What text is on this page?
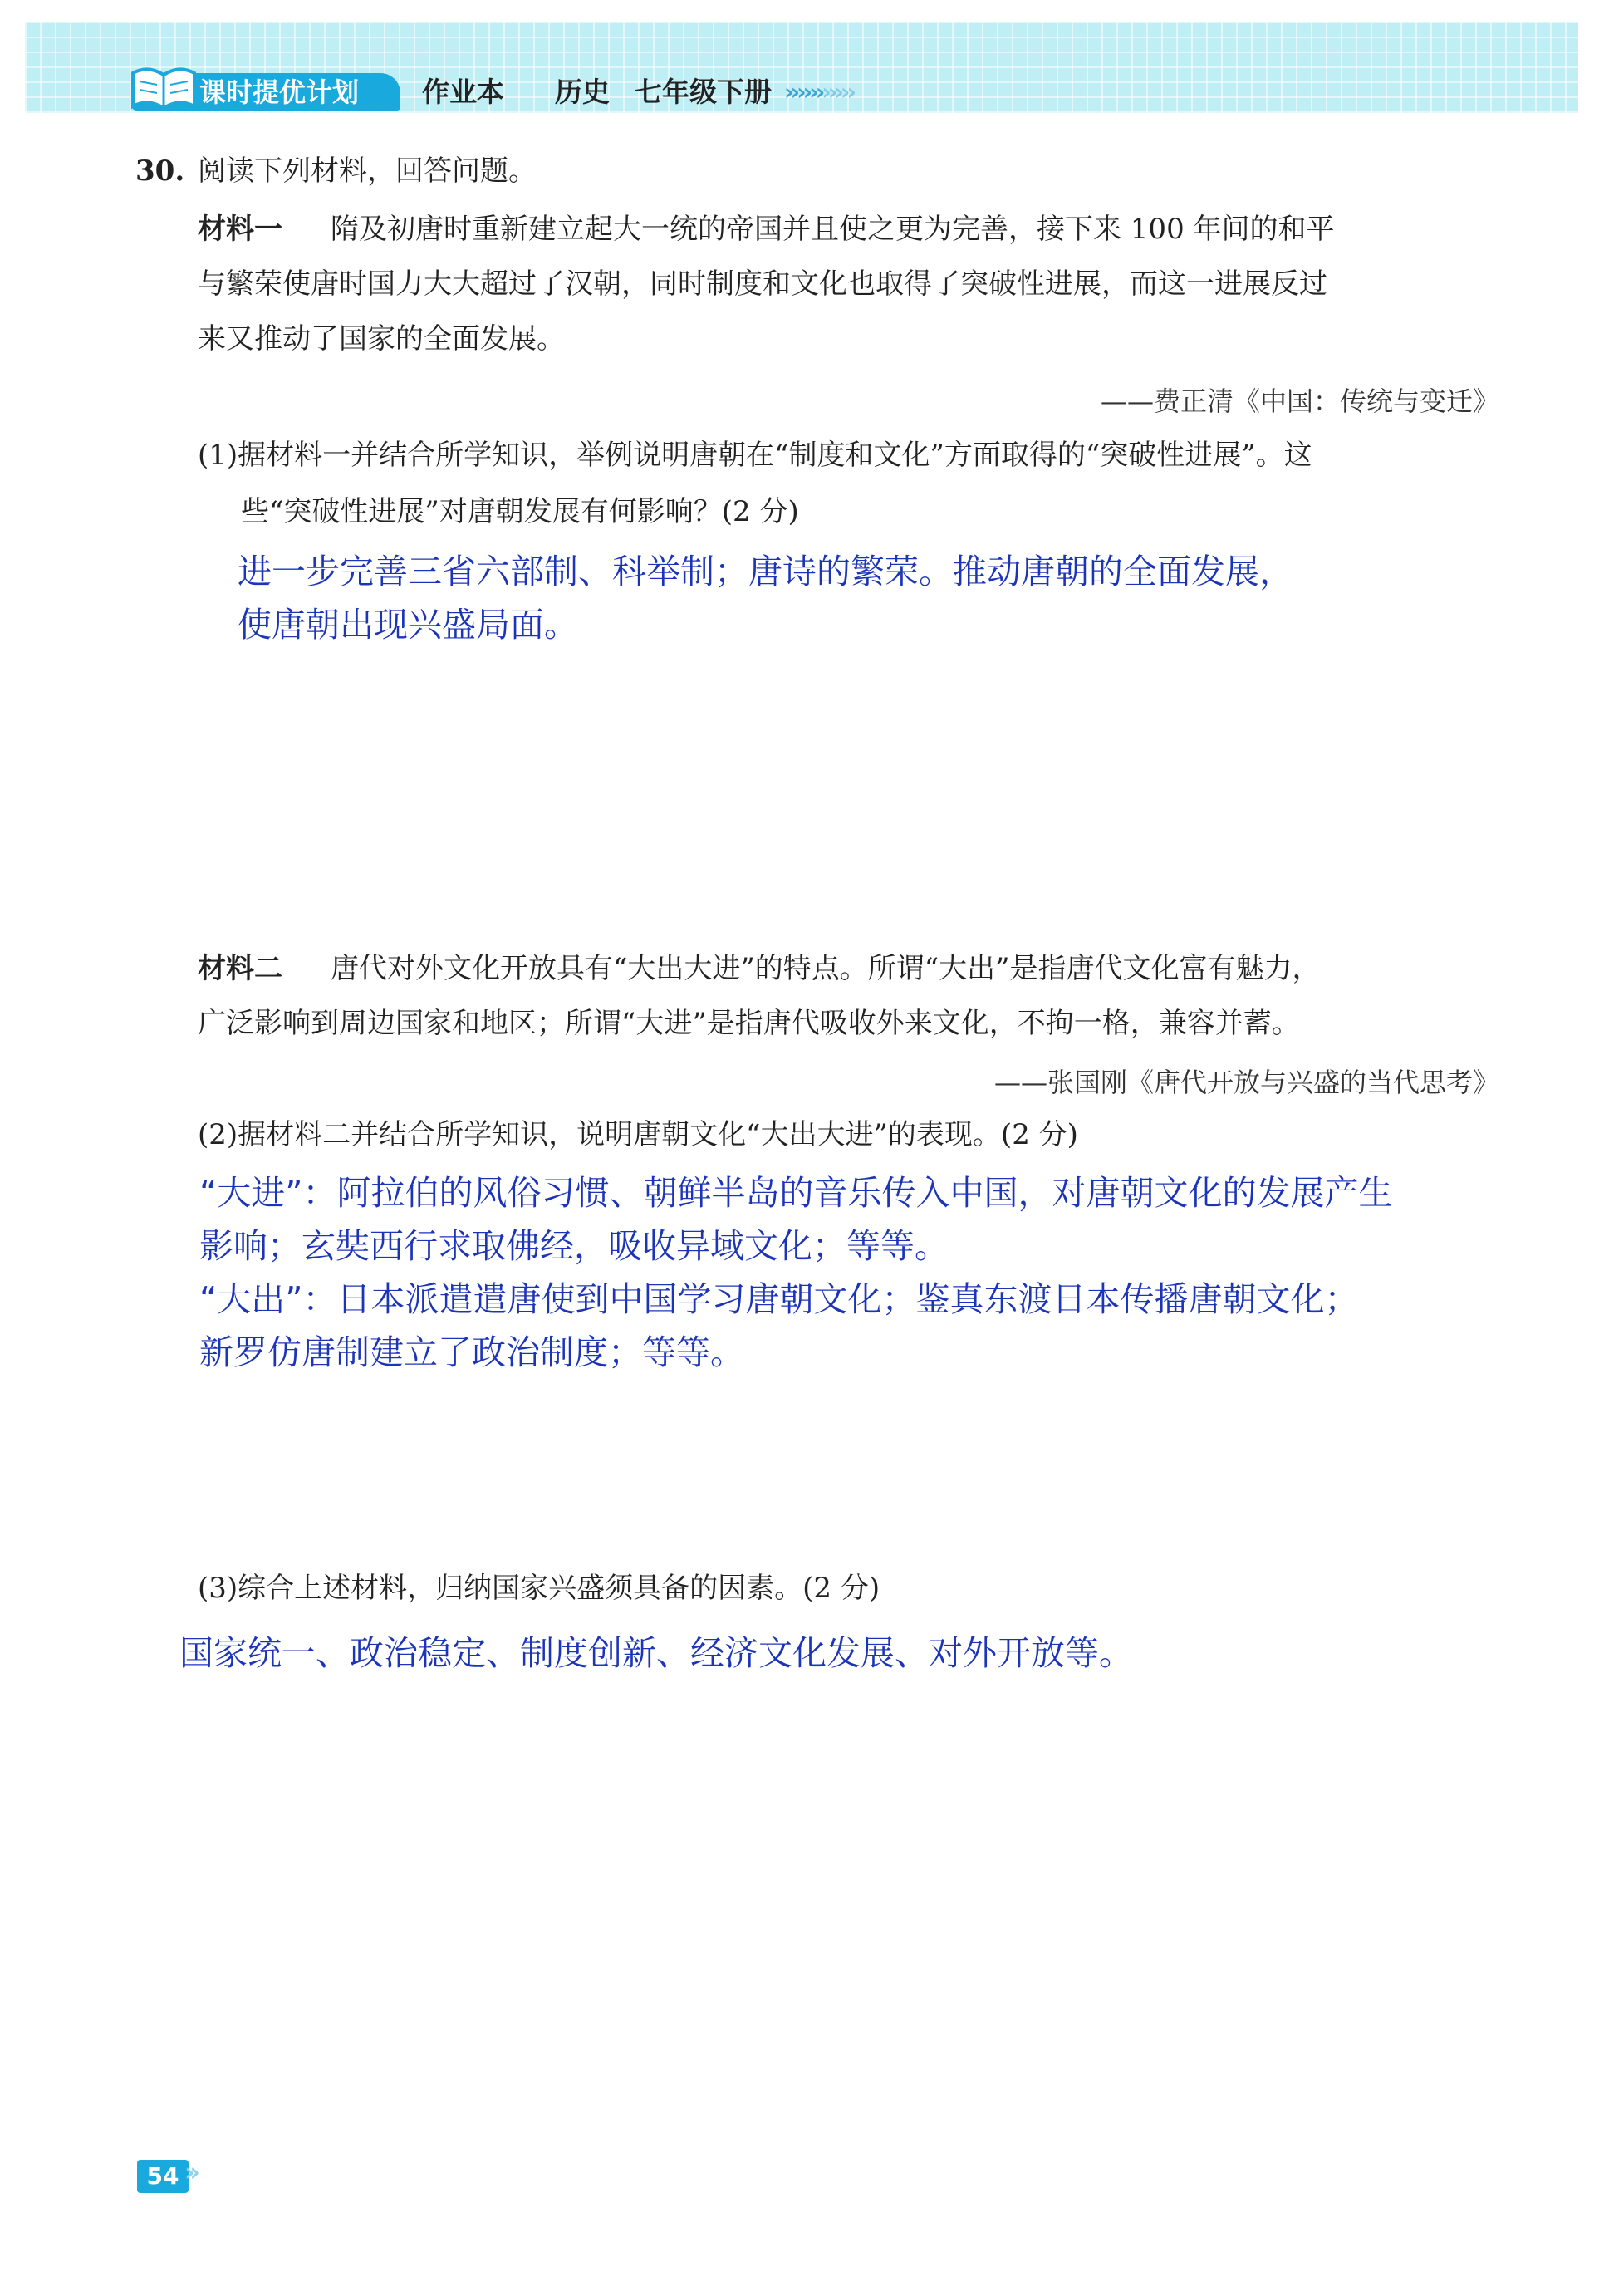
课时提优计划	作业本 历史 七年级下册 ›››››››››››
30. 阅读下列材料，回答问题。
材料一 隋及初唐时重新建立起大一统的帝国并且使之更为完善，接下来 100 年间的和平
与繁荣使唐时国力大大超过了汉朝，同时制度和文化也取得了突破性进展，而这一进展反过
来又推动了国家的全面发展。
——费正清《中国：传统与变迁》
(1)据材料一并结合所学知识，举例说明唐朝在“制度和文化”方面取得的“突破性进展”。这
些“突破性进展”对唐朝发展有何影响？(2 分)
进一步完善三省六部制、科举制；唐诗的繁荣。推动唐朝的全面发展，
使唐朝出现兴盛局面。
材料二 唐代对外文化开放具有“大出大进”的特点。所谓“大出”是指唐代文化富有魅力，
广泛影响到周边国家和地区；所谓“大进”是指唐代吸收外来文化，不拘一格，兼容并蓄。
——张国刚《唐代开放与兴盛的当代思考》
(2)据材料二并结合所学知识，说明唐朝文化“大出大进”的表现。(2 分)
“大进”：阿拉伯的风俗习惯、朝鲜半岛的音乐传入中国，对唐朝文化的发展产生
影响；玄奘西行求取佛经，吸收异域文化；等等。
“大出”：日本派遣遣唐使到中国学习唐朝文化；鉴真东渡日本传播唐朝文化；
新罗仿唐制建立了政治制度；等等。
(3)综合上述材料，归纳国家兴盛须具备的因素。(2 分)
国家统一、政治稳定、制度创新、经济文化发展、对外开放等。
54 ››
